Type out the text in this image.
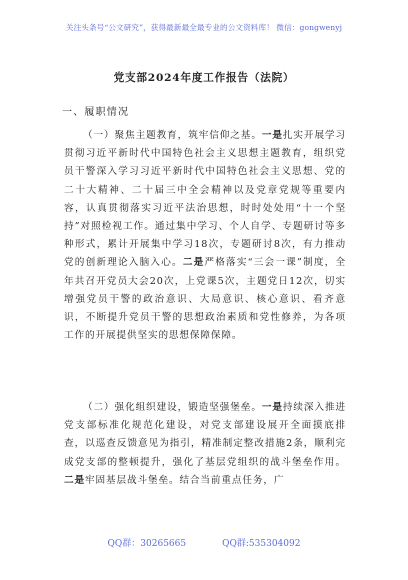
关注头条号“公文研究”，获得最新最全最专业的公文资料库！ 微信：gongwenyj
党支部2024年度工作报告（法院）
一、履职情况
（一）聚焦主题教育，筑牢信仰之基。一是扎实开展学习贯彻习近平新时代中国特色社会主义思想主题教育，组织党员干警深入学习习近平新时代中国特色社会主义思想、党的二十大精神、二十届三中全会精神以及党章党规等重要内容，认真贯彻落实习近平法治思想，时时处处用“十一个坚持”对照检视工作。通过集中学习、个人自学、专题研讨等多种形式，累计开展集中学习18次，专题研讨8次，有力推动党的创新理论入脑入心。二是严格落实“三会一课”制度，全年共召开党员大会20次，上党课5次，主题党日12次，切实增强党员干警的政治意识、大局意识、核心意识、看齐意识，不断提升党员干警的思想政治素质和党性修养，为各项工作的开展提供坚实的思想保障保障。
（二）强化组织建设，锻造坚强堡垒。一是持续深入推进党支部标准化规范化建设，对党支部建设展开全面摸底排查，以巡查反馈意见为指引，精准制定整改措施2条，顺利完成党支部的整顿提升，强化了基层党组织的战斗堡垒作用。二是牢固基层战斗堡垒。结合当前重点任务，广
QQ群：30265665	QQ群:535304092
